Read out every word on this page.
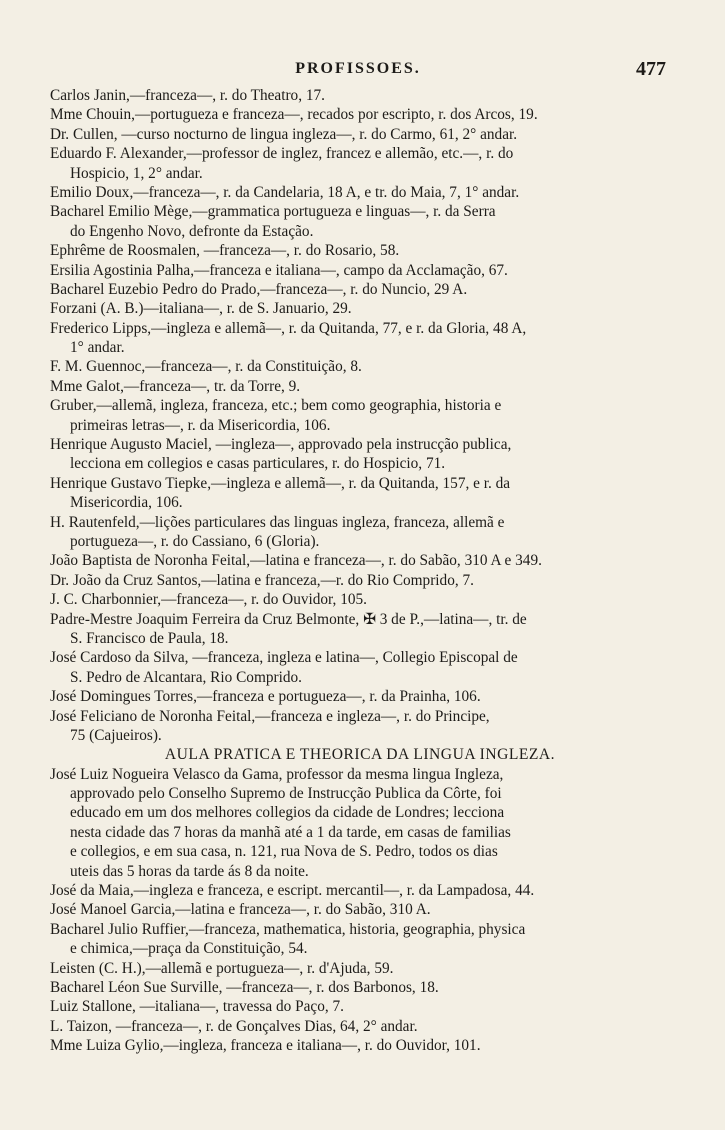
PROFISSOES.	477
Carlos Janin,—franceza—, r. do Theatro, 17.
Mme Chouin,—portugueza e franceza—, recados por escripto, r. dos Arcos, 19.
Dr. Cullen, —curso nocturno de lingua ingleza—, r. do Carmo, 61, 2° andar.
Eduardo F. Alexander,—professor de inglez, francez e allemão, etc.—, r. do
Hospicio, 1, 2° andar.
Emilio Doux,—franceza—, r. da Candelaria, 18 A, e tr. do Maia, 7, 1° andar.
Bacharel Emilio Mège,—grammatica portugueza e linguas—, r. da Serra
do Engenho Novo, defronte da Estação.
Ephrême de Roosmalen, —franceza—, r. do Rosario, 58.
Ersilia Agostinia Palha,—franceza e italiana—, campo da Acclamação, 67.
Bacharel Euzebio Pedro do Prado,—franceza—, r. do Nuncio, 29 A.
Forzani (A. B.)—italiana—, r. de S. Januario, 29.
Frederico Lipps,—ingleza e allemã—, r. da Quitanda, 77, e r. da Gloria, 48 A,
1° andar.
F. M. Guennoc,—franceza—, r. da Constituição, 8.
Mme Galot,—franceza—, tr. da Torre, 9.
Gruber,—allemã, ingleza, franceza, etc.; bem como geographia, historia e
primeiras letras—, r. da Misericordia, 106.
Henrique Augusto Maciel, —ingleza—, approvado pela instrucção publica,
lecciona em collegios e casas particulares, r. do Hospicio, 71.
Henrique Gustavo Tiepke,—ingleza e allemã—, r. da Quitanda, 157, e r. da
Misericordia, 106.
H. Rautenfeld,—lições particulares das linguas ingleza, franceza, allemã e
portugueza—, r. do Cassiano, 6 (Gloria).
João Baptista de Noronha Feital,—latina e franceza—, r. do Sabão, 310 A e 349.
Dr. João da Cruz Santos,—latina e franceza,—r. do Rio Comprido, 7.
J. C. Charbonnier,—franceza—, r. do Ouvidor, 105.
Padre-Mestre Joaquim Ferreira da Cruz Belmonte, ✠ 3 de P.,—latina—, tr. de
S. Francisco de Paula, 18.
José Cardoso da Silva, —franceza, ingleza e latina—, Collegio Episcopal de
S. Pedro de Alcantara, Rio Comprido.
José Domingues Torres,—franceza e portugueza—, r. da Prainha, 106.
José Feliciano de Noronha Feital,—franceza e ingleza—, r. do Principe,
75 (Cajueiros).
AULA PRATICA E THEORICA DA LINGUA INGLEZA.
José Luiz Nogueira Velasco da Gama, professor da mesma lingua Ingleza,
approvado pelo Conselho Supremo de Instrucção Publica da Côrte, foi
educado em um dos melhores collegios da cidade de Londres; lecciona
nesta cidade das 7 horas da manhã até a 1 da tarde, em casas de familias
e collegios, e em sua casa, n. 121, rua Nova de S. Pedro, todos os dias
uteis das 5 horas da tarde ás 8 da noite.
José da Maia,—ingleza e franceza, e escript. mercantil—, r. da Lampadosa, 44.
José Manoel Garcia,—latina e franceza—, r. do Sabão, 310 A.
Bacharel Julio Ruffier,—franceza, mathematica, historia, geographia, physica
e chimica,—praça da Constituição, 54.
Leisten (C. H.),—allemã e portugueza—, r. d'Ajuda, 59.
Bacharel Léon Sue Surville, —franceza—, r. dos Barbonos, 18.
Luiz Stallone, —italiana—, travessa do Paço, 7.
L. Taizon, —franceza—, r. de Gonçalves Dias, 64, 2° andar.
Mme Luiza Gylio,—ingleza, franceza e italiana—, r. do Ouvidor, 101.
